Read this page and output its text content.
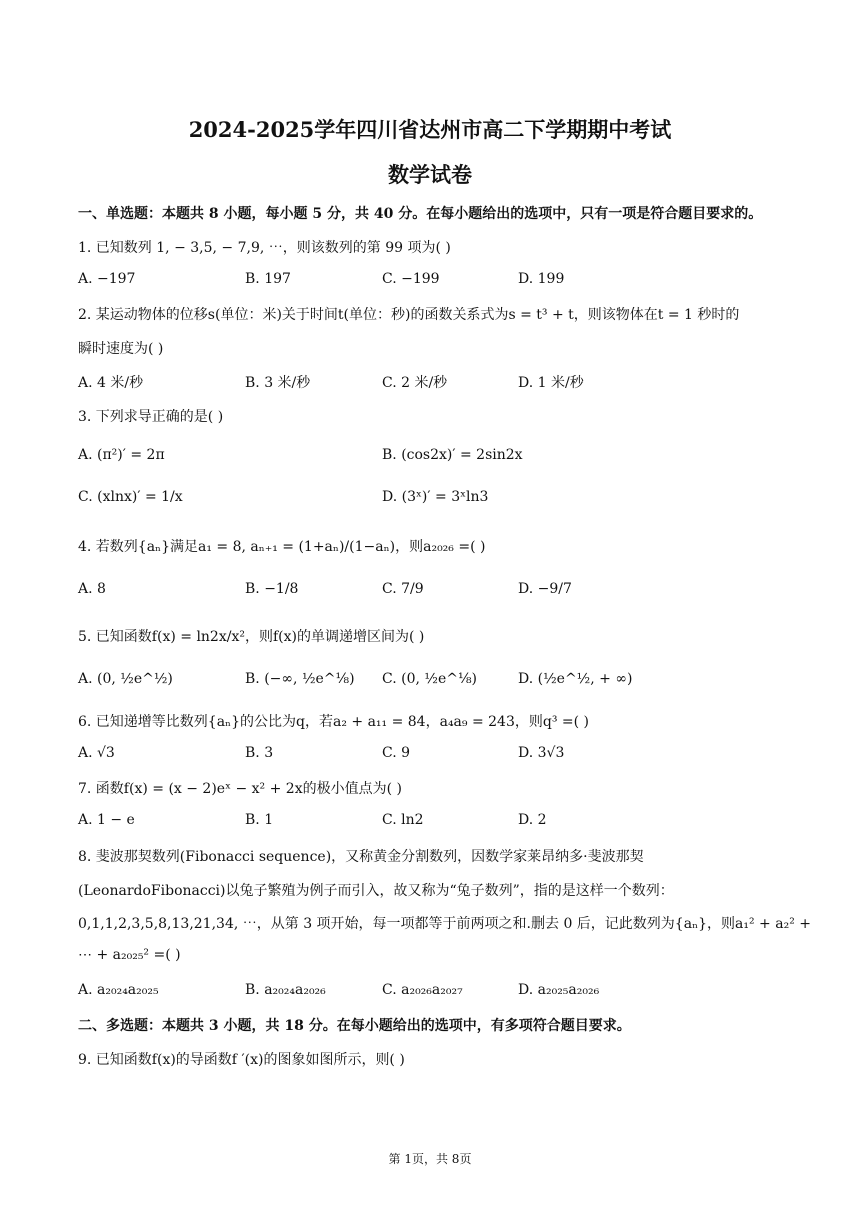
2024-2025学年四川省达州市高二下学期期中考试
数学试卷
一、单选题：本题共 8 小题，每小题 5 分，共 40 分。在每小题给出的选项中，只有一项是符合题目要求的。
1. 已知数列 1, − 3,5, − 7,9, ⋯，则该数列的第 99 项为( )
A. −197	B. 197	C. −199	D. 199
2. 某运动物体的位移s(单位：米)关于时间t(单位：秒)的函数关系式为s = t³ + t，则该物体在t = 1 秒时的
瞬时速度为( )
A. 4 米/秒	B. 3 米/秒	C. 2 米/秒	D. 1 米/秒
3. 下列求导正确的是( )
A. (π²)′ = 2π	B. (cos2x)′ = 2sin2x
C. (xlnx)′ = 1/x	D. (3ˣ)′ = 3ˣln3
4. 若数列{aₙ}满足a₁ = 8, aₙ₊₁ = (1+aₙ)/(1−aₙ)，则a₂₀₂₆ =( )
A. 8	B. −1/8	C. 7/9	D. −9/7
5. 已知函数f(x) = ln2x/x²，则f(x)的单调递增区间为( )
A. (0, ½e^½)	B. (−∞, ½e^⅛) C. (0, ½e^⅛)	D. (½e^½, + ∞)
6. 已知递增等比数列{aₙ}的公比为q，若a₂ + a₁₁ = 84，a₄a₉ = 243，则q³ =( )
A. √3	B. 3	C. 9	D. 3√3
7. 函数f(x) = (x − 2)eˣ − x² + 2x的极小值点为( )
A. 1 − e	B. 1	C. ln2	D. 2
8. 斐波那契数列(Fibonacci sequence)，又称黄金分割数列，因数学家莱昂纳多·斐波那契
(LeonardoFibonacci)以兔子繁殖为例子而引入，故又称为“兔子数列”，指的是这样一个数列：
0,1,1,2,3,5,8,13,21,34, ⋯，从第 3 项开始，每一项都等于前两项之和.删去 0 后，记此数列为{aₙ}，则a₁² + a₂² +
⋯ + a₂₀₂₅² =( )
A. a₂₀₂₄a₂₀₂₅	B. a₂₀₂₄a₂₀₂₆	C. a₂₀₂₆a₂₀₂₇	D. a₂₀₂₅a₂₀₂₆
二、多选题：本题共 3 小题，共 18 分。在每小题给出的选项中，有多项符合题目要求。
9. 已知函数f(x)的导函数f ′(x)的图象如图所示，则( )
第 1页，共 8页
